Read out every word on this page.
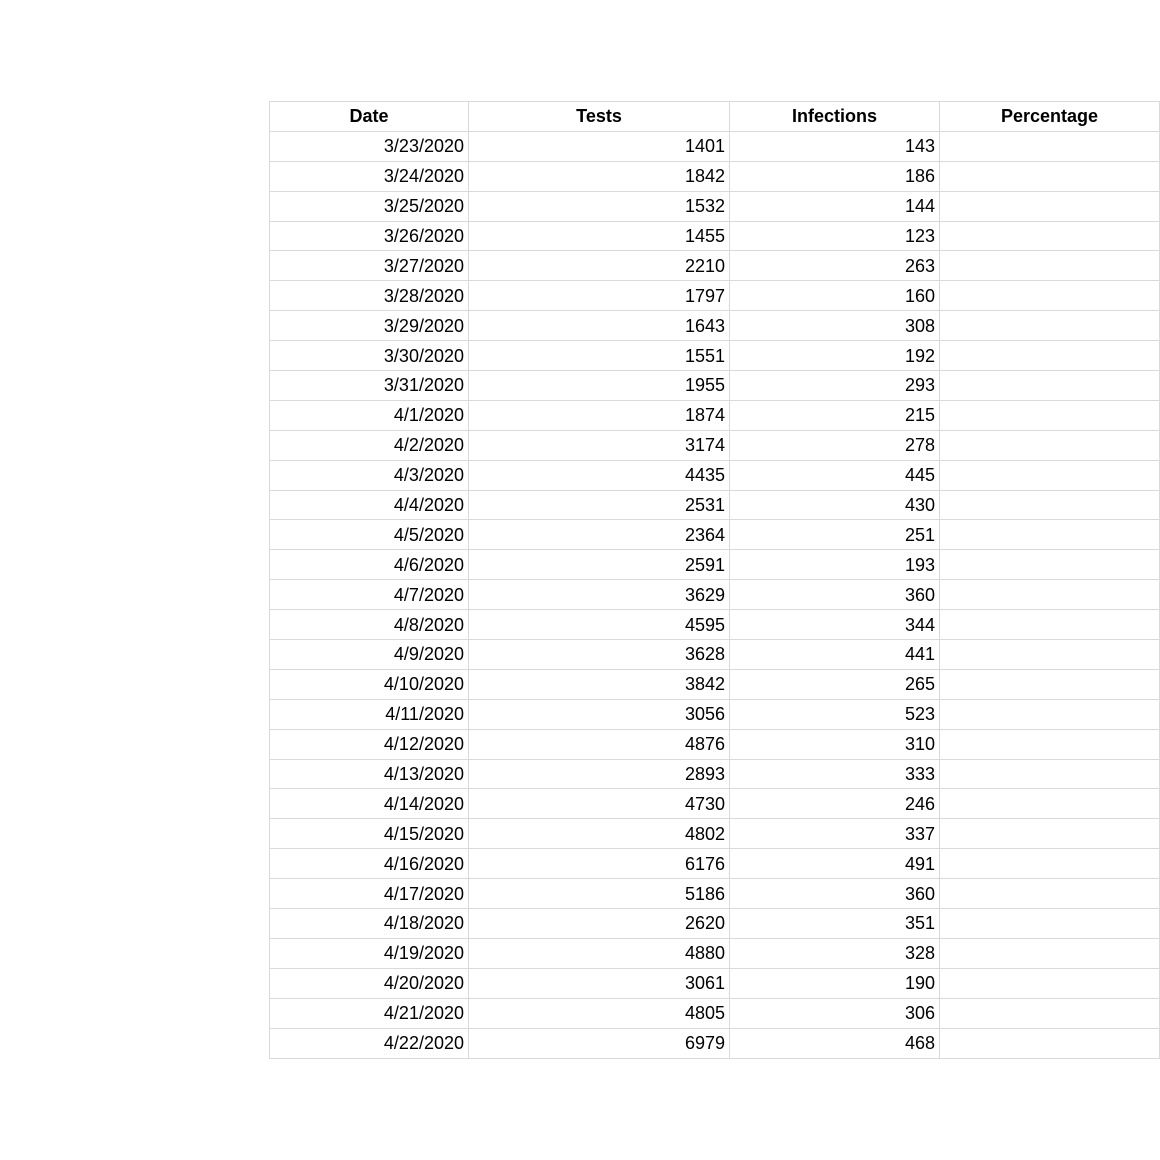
Date	Tests	Infections	Percentage
3/23/2020	1401	143	
3/24/2020	1842	186	
3/25/2020	1532	144	
3/26/2020	1455	123	
3/27/2020	2210	263	
3/28/2020	1797	160	
3/29/2020	1643	308	
3/30/2020	1551	192	
3/31/2020	1955	293	
4/1/2020	1874	215	
4/2/2020	3174	278	
4/3/2020	4435	445	
4/4/2020	2531	430	
4/5/2020	2364	251	
4/6/2020	2591	193	
4/7/2020	3629	360	
4/8/2020	4595	344	
4/9/2020	3628	441	
4/10/2020	3842	265	
4/11/2020	3056	523	
4/12/2020	4876	310	
4/13/2020	2893	333	
4/14/2020	4730	246	
4/15/2020	4802	337	
4/16/2020	6176	491	
4/17/2020	5186	360	
4/18/2020	2620	351	
4/19/2020	4880	328	
4/20/2020	3061	190	
4/21/2020	4805	306	
4/22/2020	6979	468	
